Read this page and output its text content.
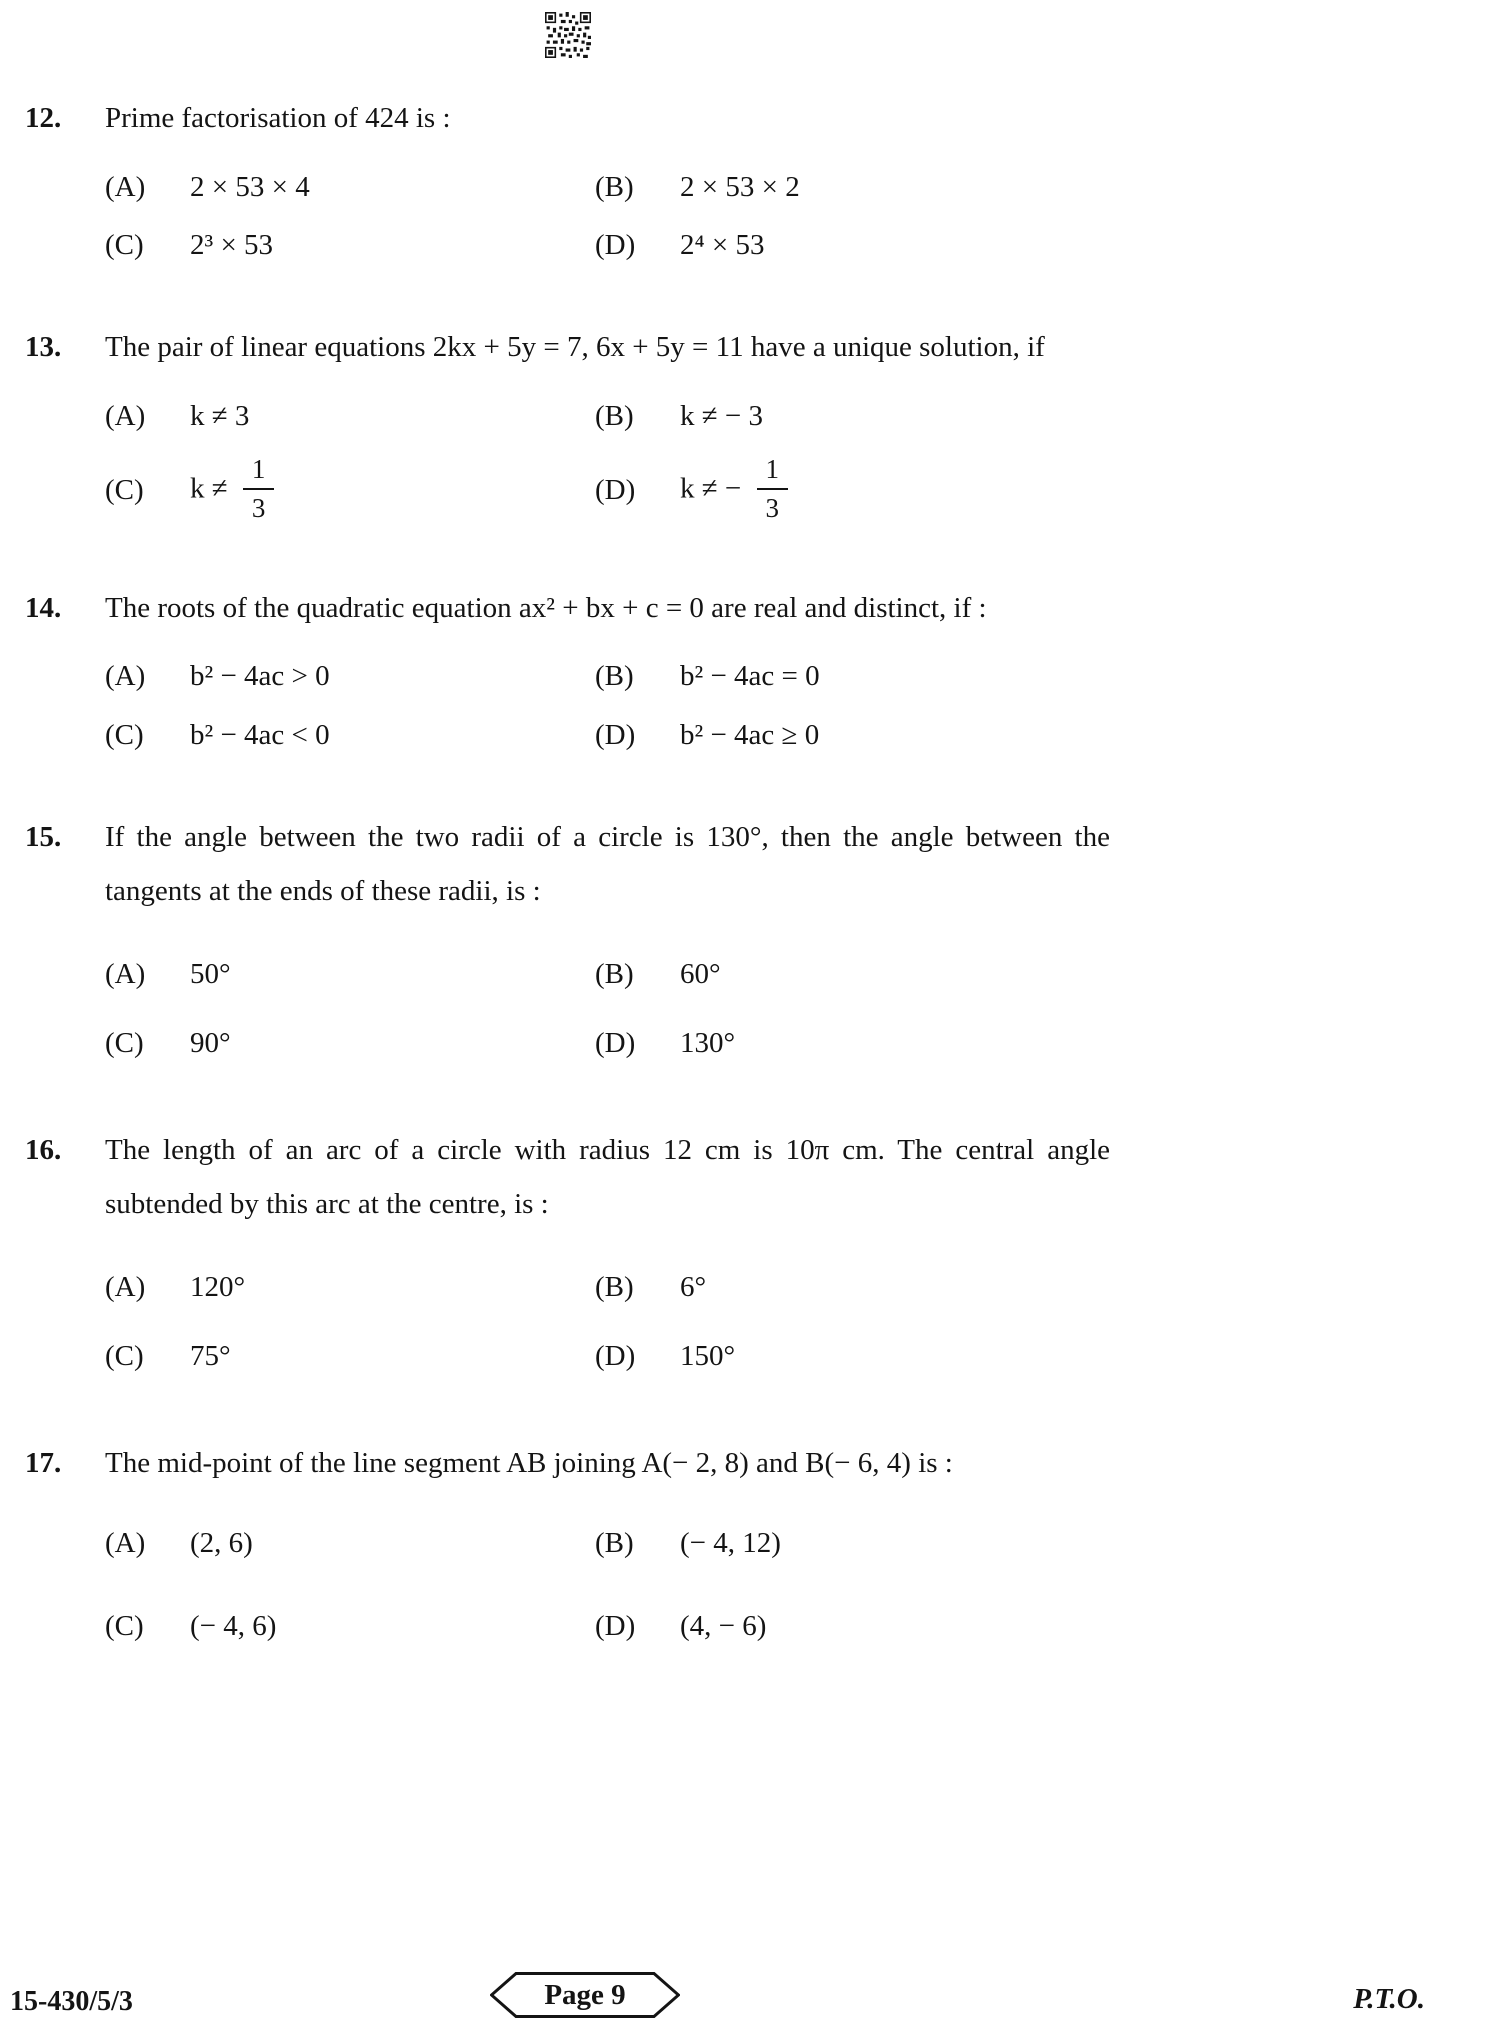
12.	Prime factorisation of 424 is :
(A)	2 × 53 × 4	(B)	2 × 53 × 2
(C)	2³ × 53	(D)	2⁴ × 53
13.	The pair of linear equations 2kx + 5y = 7, 6x + 5y = 11 have a unique solution, if
(A)	k ≠ 3	(B)	k ≠ − 3
(C)	$k \ne \frac{1}{3}$	(D)	k ≠ − $\frac{1}{3}$
14.	The roots of the quadratic equation ax² + bx + c = 0 are real and distinct, if :
(A)	b² − 4ac > 0	(B)	b² − 4ac = 0
(C)	b² − 4ac < 0	(D)	b² − 4ac ≥ 0
15.	If the angle between the two radii of a circle is 130°, then the angle between the tangents at the ends of these radii, is :
(A)	50°	(B)	60°
(C)	90°	(D)	130°
16.	The length of an arc of a circle with radius 12 cm is 10π cm. The central angle subtended by this arc at the centre, is :
(A)	120°	(B)	6°
(C)	75°	(D)	150°
17.	The mid-point of the line segment AB joining A(− 2, 8) and B(− 6, 4) is :
(A)	(2, 6)	(B)	(− 4, 12)
(C)	(− 4, 6)	(D)	(4, − 6)
15-430/5/3	Page 9	P.T.O.
